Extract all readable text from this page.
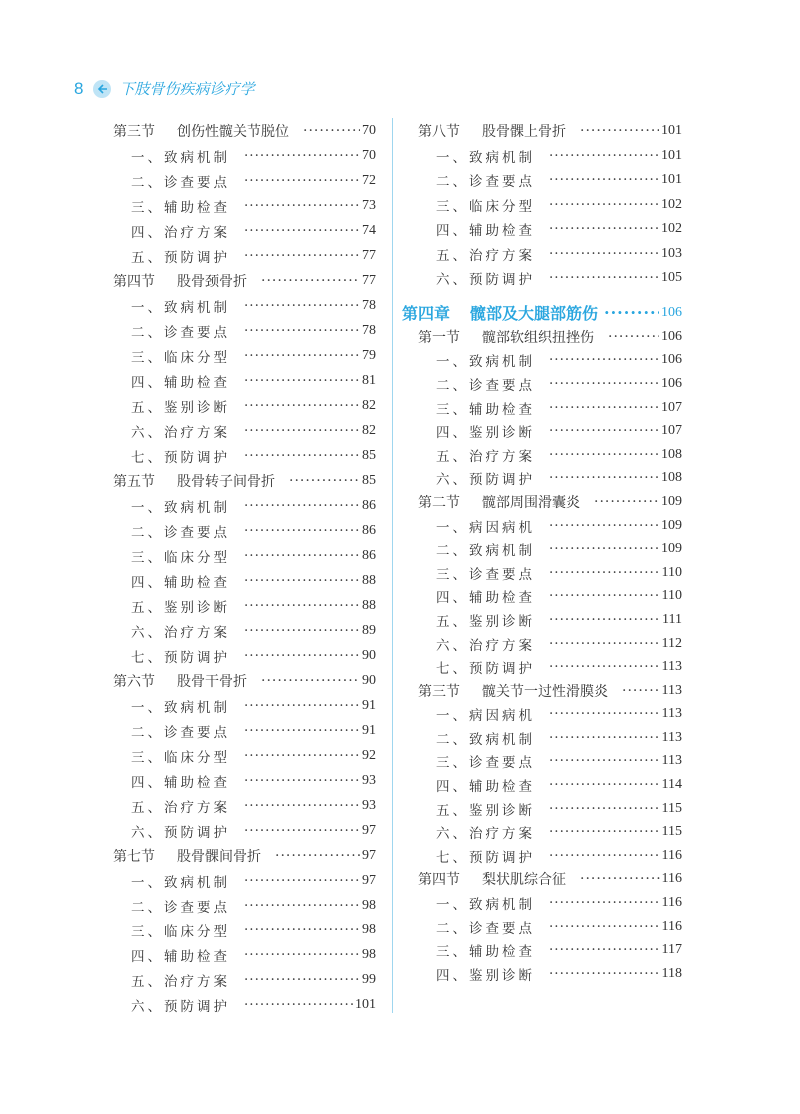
8 下肢骨伤疾病诊疗学
第三节 创伤性髋关节脱位 ·····	70
一、致病机制 ·····	70
二、诊查要点 ·····	72
三、辅助检查 ·····	73
四、治疗方案 ·····	74
五、预防调护 ·····	77
第四节 股骨颈骨折 ·····	77
一、致病机制 ·····	78
二、诊查要点 ·····	78
三、临床分型 ·····	79
四、辅助检查 ·····	81
五、鉴别诊断 ·····	82
六、治疗方案 ·····	82
七、预防调护 ·····	85
第五节 股骨转子间骨折 ·····	85
一、致病机制 ·····	86
二、诊查要点 ·····	86
三、临床分型 ·····	86
四、辅助检查 ·····	88
五、鉴别诊断 ·····	88
六、治疗方案 ·····	89
七、预防调护 ·····	90
第六节 股骨干骨折 ·····	90
一、致病机制 ·····	91
二、诊查要点 ·····	91
三、临床分型 ·····	92
四、辅助检查 ·····	93
五、治疗方案 ·····	93
六、预防调护 ·····	97
第七节 股骨髁间骨折 ·····	97
一、致病机制 ·····	97
二、诊查要点 ·····	98
三、临床分型 ·····	98
四、辅助检查 ·····	98
五、治疗方案 ·····	99
六、预防调护 ·····	101
第八节 股骨髁上骨折 ·····	101
一、致病机制 ·····	101
二、诊查要点 ·····	101
三、临床分型 ·····	102
四、辅助检查 ·····	102
五、治疗方案 ·····	103
六、预防调护 ·····	105
第四章 髋部及大腿部筋伤 ·····	106
第一节 髋部软组织扭挫伤 ·····	106
一、致病机制 ·····	106
二、诊查要点 ·····	106
三、辅助检查 ·····	107
四、鉴别诊断 ·····	107
五、治疗方案 ·····	108
六、预防调护 ·····	108
第二节 髋部周围滑囊炎 ·····	109
一、病因病机 ·····	109
二、致病机制 ·····	109
三、诊查要点 ·····	110
四、辅助检查 ·····	110
五、鉴别诊断 ·····	111
六、治疗方案 ·····	112
七、预防调护 ·····	113
第三节 髋关节一过性滑膜炎 ·····	113
一、病因病机 ·····	113
二、致病机制 ·····	113
三、诊查要点 ·····	113
四、辅助检查 ·····	114
五、鉴别诊断 ·····	115
六、治疗方案 ·····	115
七、预防调护 ·····	116
第四节 梨状肌综合征 ·····	116
一、致病机制 ·····	116
二、诊查要点 ·····	116
三、辅助检查 ·····	117
四、鉴别诊断 ·····	118
